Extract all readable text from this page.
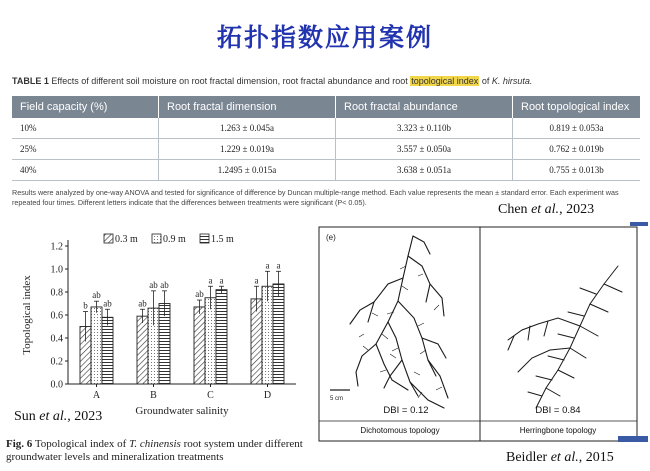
拓扑指数应用案例
TABLE 1 Effects of different soil moisture on root fractal dimension, root fractal abundance and root topological index of K. hirsuta.
Field capacity (%)	Root fractal dimension	Root fractal abundance	Root topological index
10%	1.263 ± 0.045a	3.323 ± 0.110b	0.819 ± 0.053a
25%	1.229 ± 0.019a	3.557 ± 0.050a	0.762 ± 0.019b
40%	1.2495 ± 0.015a	3.638 ± 0.051a	0.755 ± 0.013b
Results were analyzed by one-way ANOVA and tested for significance of difference by Duncan multiple-range method. Each value represents the mean ± standard error. Each experiment was repeated four times. Different letters indicate that the differences between treatments were significant (P< 0.05).	Chen et al., 2023
0.0
0.2
0.4
0.6
0.8
1.0
1.2
Topological index
Groundwater salinity
A
b
ab
ab
B
ab
ab ab
C
ab
a a
D
a
a a
0.3 m	0.9 m	1.5 m
Sun et al., 2023
Fig. 6 Topological index of T. chinensis root system under different groundwater levels and mineralization treatments
(e)
5 cm
DBI = 0.12	DBI = 0.84
Dichotomous topology	Herringbone topology
Beidler et al., 2015
